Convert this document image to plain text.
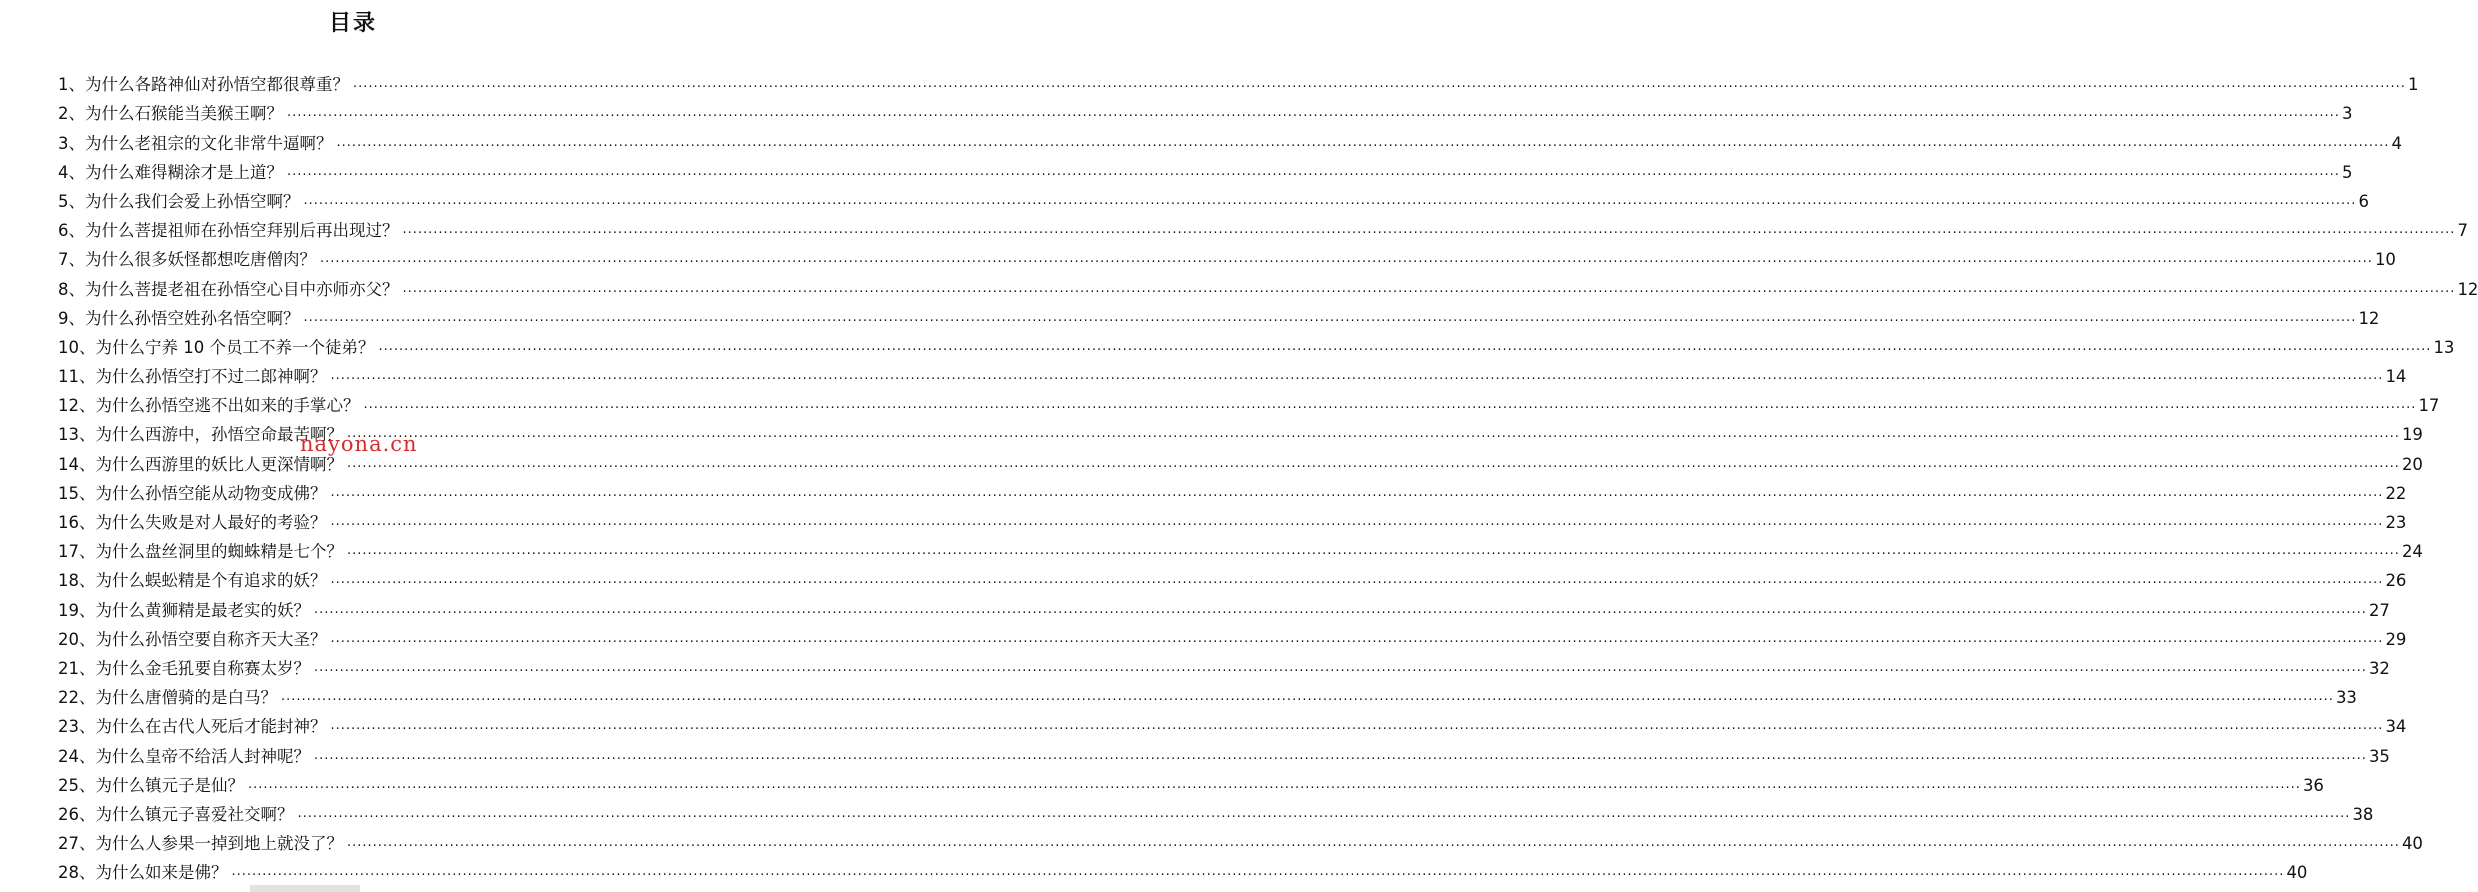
目录
1、 为什么各路神仙对孙悟空都很尊重？ ................................................................................................................................................................................................................................................................................................................................................................................................................ 1
2、 为什么石猴能当美猴王啊？ ................................................................................................................................................................................................................................................................................................................................................................................................................ 3
3、 为什么老祖宗的文化非常牛逼啊？ ................................................................................................................................................................................................................................................................................................................................................................................................................ 4
4、 为什么难得糊涂才是上道？ ................................................................................................................................................................................................................................................................................................................................................................................................................ 5
5、 为什么我们会爱上孙悟空啊？ ................................................................................................................................................................................................................................................................................................................................................................................................................ 6
6、 为什么菩提祖师在孙悟空拜别后再出现过？ ................................................................................................................................................................................................................................................................................................................................................................................................................ 7
7、 为什么很多妖怪都想吃唐僧肉？ ................................................................................................................................................................................................................................................................................................................................................................................................................ 10
8、 为什么菩提老祖在孙悟空心目中亦师亦父？ ................................................................................................................................................................................................................................................................................................................................................................................................................ 12
9、 为什么孙悟空姓孙名悟空啊？ ................................................................................................................................................................................................................................................................................................................................................................................................................ 12
10、 为什么宁养 10 个员工不养一个徒弟？ ................................................................................................................................................................................................................................................................................................................................................................................................................ 13
11、 为什么孙悟空打不过二郎神啊？ ................................................................................................................................................................................................................................................................................................................................................................................................................ 14
12、 为什么孙悟空逃不出如来的手掌心？ ................................................................................................................................................................................................................................................................................................................................................................................................................ 17
13、 为什么西游中，孙悟空命最苦啊？ ................................................................................................................................................................................................................................................................................................................................................................................................................ 19
14、 为什么西游里的妖比人更深情啊？ ................................................................................................................................................................................................................................................................................................................................................................................................................ 20
15、 为什么孙悟空能从动物变成佛？ ................................................................................................................................................................................................................................................................................................................................................................................................................ 22
16、 为什么失败是对人最好的考验？ ................................................................................................................................................................................................................................................................................................................................................................................................................ 23
17、 为什么盘丝洞里的蜘蛛精是七个？ ................................................................................................................................................................................................................................................................................................................................................................................................................ 24
18、 为什么蜈蚣精是个有追求的妖？ ................................................................................................................................................................................................................................................................................................................................................................................................................ 26
19、 为什么黄狮精是最老实的妖？ ................................................................................................................................................................................................................................................................................................................................................................................................................ 27
20、 为什么孙悟空要自称齐天大圣？ ................................................................................................................................................................................................................................................................................................................................................................................................................ 29
21、 为什么金毛犼要自称赛太岁？ ................................................................................................................................................................................................................................................................................................................................................................................................................ 32
22、 为什么唐僧骑的是白马？ ................................................................................................................................................................................................................................................................................................................................................................................................................ 33
23、 为什么在古代人死后才能封神？ ................................................................................................................................................................................................................................................................................................................................................................................................................ 34
24、 为什么皇帝不给活人封神呢？ ................................................................................................................................................................................................................................................................................................................................................................................................................ 35
25、 为什么镇元子是仙？ ................................................................................................................................................................................................................................................................................................................................................................................................................ 36
26、 为什么镇元子喜爱社交啊？ ................................................................................................................................................................................................................................................................................................................................................................................................................ 38
27、 为什么人参果一掉到地上就没了？ ................................................................................................................................................................................................................................................................................................................................................................................................................ 40
28、 为什么如来是佛？ ................................................................................................................................................................................................................................................................................................................................................................................................................ 40
nayona.cn
